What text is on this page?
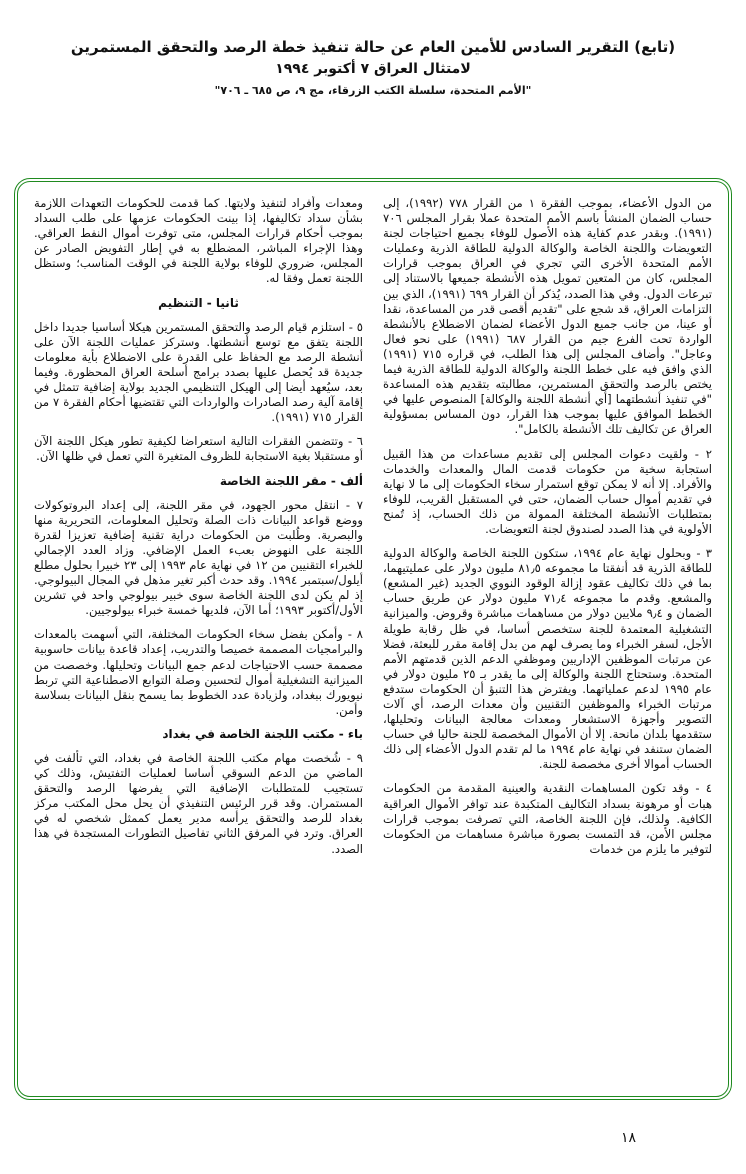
(تابع) التقرير السادس للأمين العام عن حالة تنفيذ خطة الرصد والتحقق المستمرين
لامتثال العراق ٧ أكتوبر ١٩٩٤
"الأمم المتحدة، سلسلة الكتب الزرقاء، مج ٩، ص ٦٨٥ ـ ٧٠٦"

من الدول الأعضاء، بموجب الفقرة ١ من القرار ٧٧٨ (١٩٩٢)، إلى حساب الضمان المنشأ باسم الأمم المتحدة عملا بقرار المجلس ٧٠٦ (١٩٩١). وبقدر عدم كفاية هذه الأصول للوفاء بجميع احتياجات لجنة التعويضات واللجنة الخاصة والوكالة الدولية للطاقة الذرية وعمليات الأمم المتحدة الأخرى التي تجري في العراق بموجب قرارات المجلس، كان من المتعين تمويل هذه الأنشطة جميعها بالاستناد إلى تبرعات الدول. وفي هذا الصدد، يُذكر أن القرار ٦٩٩ (١٩٩١)، الذي بين التزامات العراق، قد شجع على "تقديم أقصى قدر من المساعدة، نقدا أو عينا، من جانب جميع الدول الأعضاء لضمان الاضطلاع بالأنشطة الواردة تحت الفرع جيم من القرار ٦٨٧ (١٩٩١) على نحو فعال وعاجل". وأضاف المجلس إلى هذا الطلب، في قراره ٧١٥ (١٩٩١) الذي وافق فيه على خطط اللجنة والوكالة الدولية للطاقة الذرية فيما يختص بالرصد والتحقق المستمرين، مطالبته بتقديم هذه المساعدة "في تنفيذ أنشطتهما [أي أنشطة اللجنة والوكالة] المنصوص عليها في الخطط الموافق عليها بموجب هذا القرار، دون المساس بمسؤولية العراق عن تكاليف تلك الأنشطة بالكامل".

٢ - ولقيت دعوات المجلس إلى تقديم مساعدات من هذا القبيل استجابة سخية من حكومات قدمت المال والمعدات والخدمات والأفراد. إلا أنه لا يمكن توقع استمرار سخاء الحكومات إلى ما لا نهاية في تقديم أموال حساب الضمان، حتى في المستقبل القريب، للوفاء بمتطلبات الأنشطة المختلفة الممولة من ذلك الحساب، إذ تُمنح الأولوية في هذا الصدد لصندوق لجنة التعويضات.

٣ - وبحلول نهاية عام ١٩٩٤، ستكون اللجنة الخاصة والوكالة الدولية للطاقة الذرية قد أنفقتا ما مجموعه ٨١٫٥ مليون دولار على عمليتيهما، بما في ذلك تكاليف عقود إزالة الوقود النووي الجديد (غير المشعع) والمشعع. وقدم ما مجموعه ٧١٫٤ مليون دولار عن طريق حساب الضمان و ٩٫٤ ملايين دولار من مساهمات مباشرة وقروض. والميزانية التشغيلية المعتمدة للجنة ستخصص أساسا، في ظل رقابة طويلة الأجل، لسفر الخبراء وما يصرف لهم من بدل إقامة مقرر للبعثة، فضلا عن مرتبات الموظفين الإداريين وموظفي الدعم الذين قدمتهم الأمم المتحدة. وستحتاج اللجنة والوكالة إلى ما يقدر بـ ٢٥ مليون دولار في عام ١٩٩٥ لدعم عملياتهما. ويفترض هذا التنبؤ أن الحكومات ستدفع مرتبات الخبراء والموظفين التقنيين وأن معدات الرصد، أي آلات التصوير وأجهزة الاستشعار ومعدات معالجة البيانات وتحليلها، ستقدمها بلدان مانحة. إلا أن الأموال المخصصة للجنة حاليا في حساب الضمان ستنفد في نهاية عام ١٩٩٤ ما لم تقدم الدول الأعضاء إلى ذلك الحساب أموالا أخرى مخصصة للجنة.

٤ - وقد تكون المساهمات النقدية والعينية المقدمة من الحكومات هبات أو مرهونة بسداد التكاليف المتكبدة عند توافر الأموال العراقية الكافية. ولذلك، فإن اللجنة الخاصة، التي تصرفت بموجب قرارات مجلس الأمن، قد التمست بصورة مباشرة مساهمات من الحكومات لتوفير ما يلزم من خدمات

ومعدات وأفراد لتنفيذ ولايتها. كما قدمت للحكومات التعهدات اللازمة بشأن سداد تكاليفها، إذا بينت الحكومات عزمها على طلب السداد بموجب أحكام قرارات المجلس، متى توفرت أموال النفط العراقي. وهذا الإجراء المباشر، المضطلع به في إطار التفويض الصادر عن المجلس، ضروري للوفاء بولاية اللجنة في الوقت المناسب؛ وستظل اللجنة تعمل وفقا له.

ثانيا - التنظيم

٥ - استلزم قيام الرصد والتحقق المستمرين هيكلا أساسيا جديدا داخل اللجنة يتفق مع توسع أنشطتها. وستركز عمليات اللجنة الآن على أنشطة الرصد مع الحفاظ على القدرة على الاضطلاع بأية معلومات جديدة قد يُحصل عليها بصدد برامج أسلحة العراق المحظورة. وفيما بعد، سيُعهد أيضا إلى الهيكل التنظيمي الجديد بولاية إضافية تتمثل في إقامة آلية رصد الصادرات والواردات التي تقتضيها أحكام الفقرة ٧ من القرار ٧١٥ (١٩٩١).

٦ - وتتضمن الفقرات التالية استعراضا لكيفية تطور هيكل اللجنة الآن أو مستقبلا بغية الاستجابة للظروف المتغيرة التي تعمل في ظلها الآن.

ألف - مقر اللجنة الخاصة

٧ - انتقل محور الجهود، في مقر اللجنة، إلى إعداد البروتوكولات ووضع قواعد البيانات ذات الصلة وتحليل المعلومات، التحريرية منها والبصرية. وطُلبت من الحكومات دراية تقنية إضافية تعزيزا لقدرة اللجنة على النهوض بعبء العمل الإضافي. وزاد العدد الإجمالي للخبراء التقنيين من ١٢ في نهاية عام ١٩٩٣ إلى ٢٣ خبيرا بحلول مطلع أيلول/سبتمبر ١٩٩٤. وقد حدث أكبر تغير مذهل في المجال البيولوجي. إذ لم يكن لدى اللجنة الخاصة سوى خبير بيولوجي واحد في تشرين الأول/أكتوبر ١٩٩٣؛ أما الآن، فلديها خمسة خبراء بيولوجيين.

٨ - وأمكن بفضل سخاء الحكومات المختلفة، التي أسهمت بالمعدات والبرامجيات المصممة خصيصا والتدريب، إعداد قاعدة بيانات حاسوبية مصممة حسب الاحتياجات لدعم جمع البيانات وتحليلها. وخصصت من الميزانية التشغيلية أموال لتحسين وصلة التوابع الاصطناعية التي تربط نيويورك ببغداد، ولزيادة عدد الخطوط بما يسمح بنقل البيانات بسلاسة وأمن.

باء - مكتب اللجنة الخاصة في بغداد

٩ - شُخصت مهام مكتب اللجنة الخاصة في بغداد، التي تألفت في الماضي من الدعم السوقي أساسا لعمليات التفتيش، وذلك كي تستجيب للمتطلبات الإضافية التي يفرضها الرصد والتحقق المستمران. وقد قرر الرئيس التنفيذي أن يحل محل المكتب مركز بغداد للرصد والتحقق يرأسه مدير يعمل كممثل شخصي له في العراق. وترد في المرفق الثاني تفاصيل التطورات المستجدة في هذا الصدد.

١٨
